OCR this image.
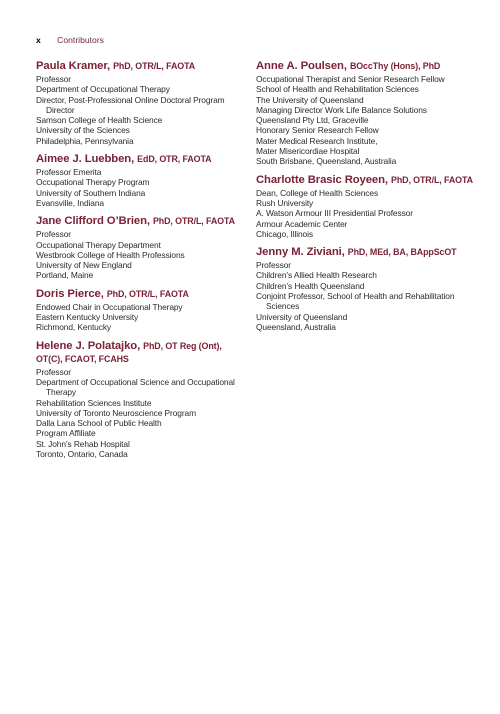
x Contributors
Paula Kramer, PhD, OTR/L, FAOTA
Professor
Department of Occupational Therapy
Director, Post-Professional Online Doctoral Program Director
Samson College of Health Science
University of the Sciences
Philadelphia, Pennsylvania
Aimee J. Luebben, EdD, OTR, FAOTA
Professor Emerita
Occupational Therapy Program
University of Southern Indiana
Evansville, Indiana
Jane Clifford O’Brien, PhD, OTR/L, FAOTA
Professor
Occupational Therapy Department
Westbrook College of Health Professions
University of New England
Portland, Maine
Doris Pierce, PhD, OTR/L, FAOTA
Endowed Chair in Occupational Therapy
Eastern Kentucky University
Richmond, Kentucky
Helene J. Polatajko, PhD, OT Reg (Ont), OT(C), FCAOT, FCAHS
Professor
Department of Occupational Science and Occupational Therapy
Rehabilitation Sciences Institute
University of Toronto Neuroscience Program
Dalla Lana School of Public Health
Program Affiliate
St. John’s Rehab Hospital
Toronto, Ontario, Canada
Anne A. Poulsen, BOccThy (Hons), PhD
Occupational Therapist and Senior Research Fellow
School of Health and Rehabilitation Sciences
The University of Queensland
Managing Director Work Life Balance Solutions
Queensland Pty Ltd, Graceville
Honorary Senior Research Fellow
Mater Medical Research Institute,
Mater Misericordiae Hospital
South Brisbane, Queensland, Australia
Charlotte Brasic Royeen, PhD, OTR/L, FAOTA
Dean, College of Health Sciences
Rush University
A. Watson Armour III Presidential Professor
Armour Academic Center
Chicago, Illinois
Jenny M. Ziviani, PhD, MEd, BA, BAppScOT
Professor
Children’s Allied Health Research
Children’s Health Queensland
Conjoint Professor, School of Health and Rehabilitation Sciences
University of Queensland
Queensland, Australia
